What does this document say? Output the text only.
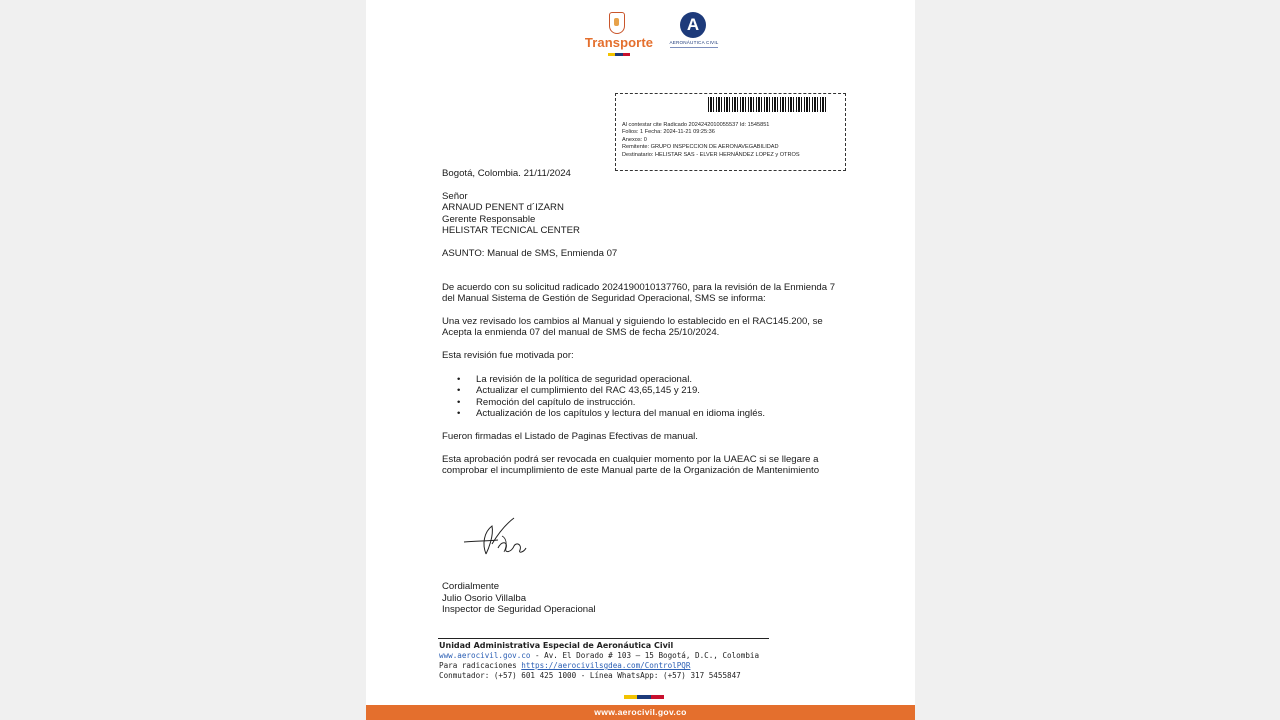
Transporte
A
AERONÁUTICA CIVIL
Al contestar cite Radicado 2024242010055537 Id: 1545851
Folios: 1 Fecha: 2024-11-21 09:25:36
Anexos: 0
Remitente: GRUPO INSPECCION DE AERONAVEGABILIDAD
Destinatario: HELISTAR SAS - ELVER HERNÁNDEZ LOPEZ y OTROS

Bogotá, Colombia. 21/11/2024

Señor

ARNAUD PENENT d´IZARN

Gerente Responsable

HELISTAR TECNICAL CENTER

ASUNTO: Manual de SMS, Enmienda 07

De acuerdo con su solicitud radicado 20241900101377​60, para la revisión de la Enmienda 7 del Manual Sistema de Gestión de Seguridad Operacional, SMS se informa:

Una vez revisado los cambios al Manual y siguiendo lo establecido en el RAC145.200, se Acepta la enmienda 07 del manual de SMS de fecha 25/10/2024.

Esta revisión fue motivada por:

• La revisión de la política de seguridad operacional.
• Actualizar el cumplimiento del RAC 43,65,145 y 219.
• Remoción del capítulo de instrucción.
• Actualización de los capítulos y lectura del manual en idioma inglés.

Fueron firmadas el Listado de Paginas Efectivas de manual.

Esta aprobación podrá ser revocada en cualquier momento por la UAEAC si se llegare a comprobar el incumplimiento de este Manual parte de la Organización de Mantenimiento

Cordialmente

Julio Osorio Villalba

Inspector de Seguridad Operacional

Unidad Administrativa Especial de Aeronáutica Civil
www.aerocivil.gov.co - Av. El Dorado # 103 – 15 Bogotá, D.C., Colombia
Para radicaciones https://aerocivilsgdea.com/ControlPQR
Conmutador: (+57) 601 425 1000 - Línea WhatsApp: (+57) 317 5455847
www.aerocivil.gov.co
